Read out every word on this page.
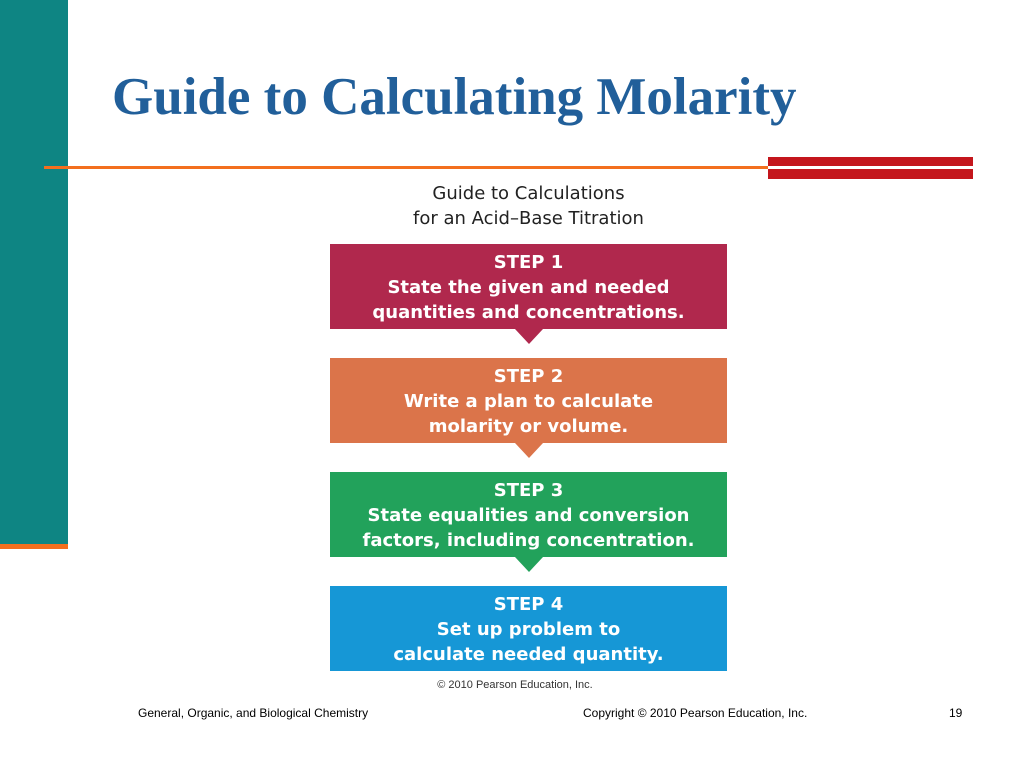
Guide to Calculating Molarity
Guide to Calculations
for an Acid–Base Titration
STEP 1
State the given and needed
quantities and concentrations.
STEP 2
Write a plan to calculate
molarity or volume.
STEP 3
State equalities and conversion
factors, including concentration.
STEP 4
Set up problem to
calculate needed quantity.
© 2010 Pearson Education, Inc.
General, Organic, and Biological Chemistry	Copyright © 2010 Pearson Education, Inc.	19
